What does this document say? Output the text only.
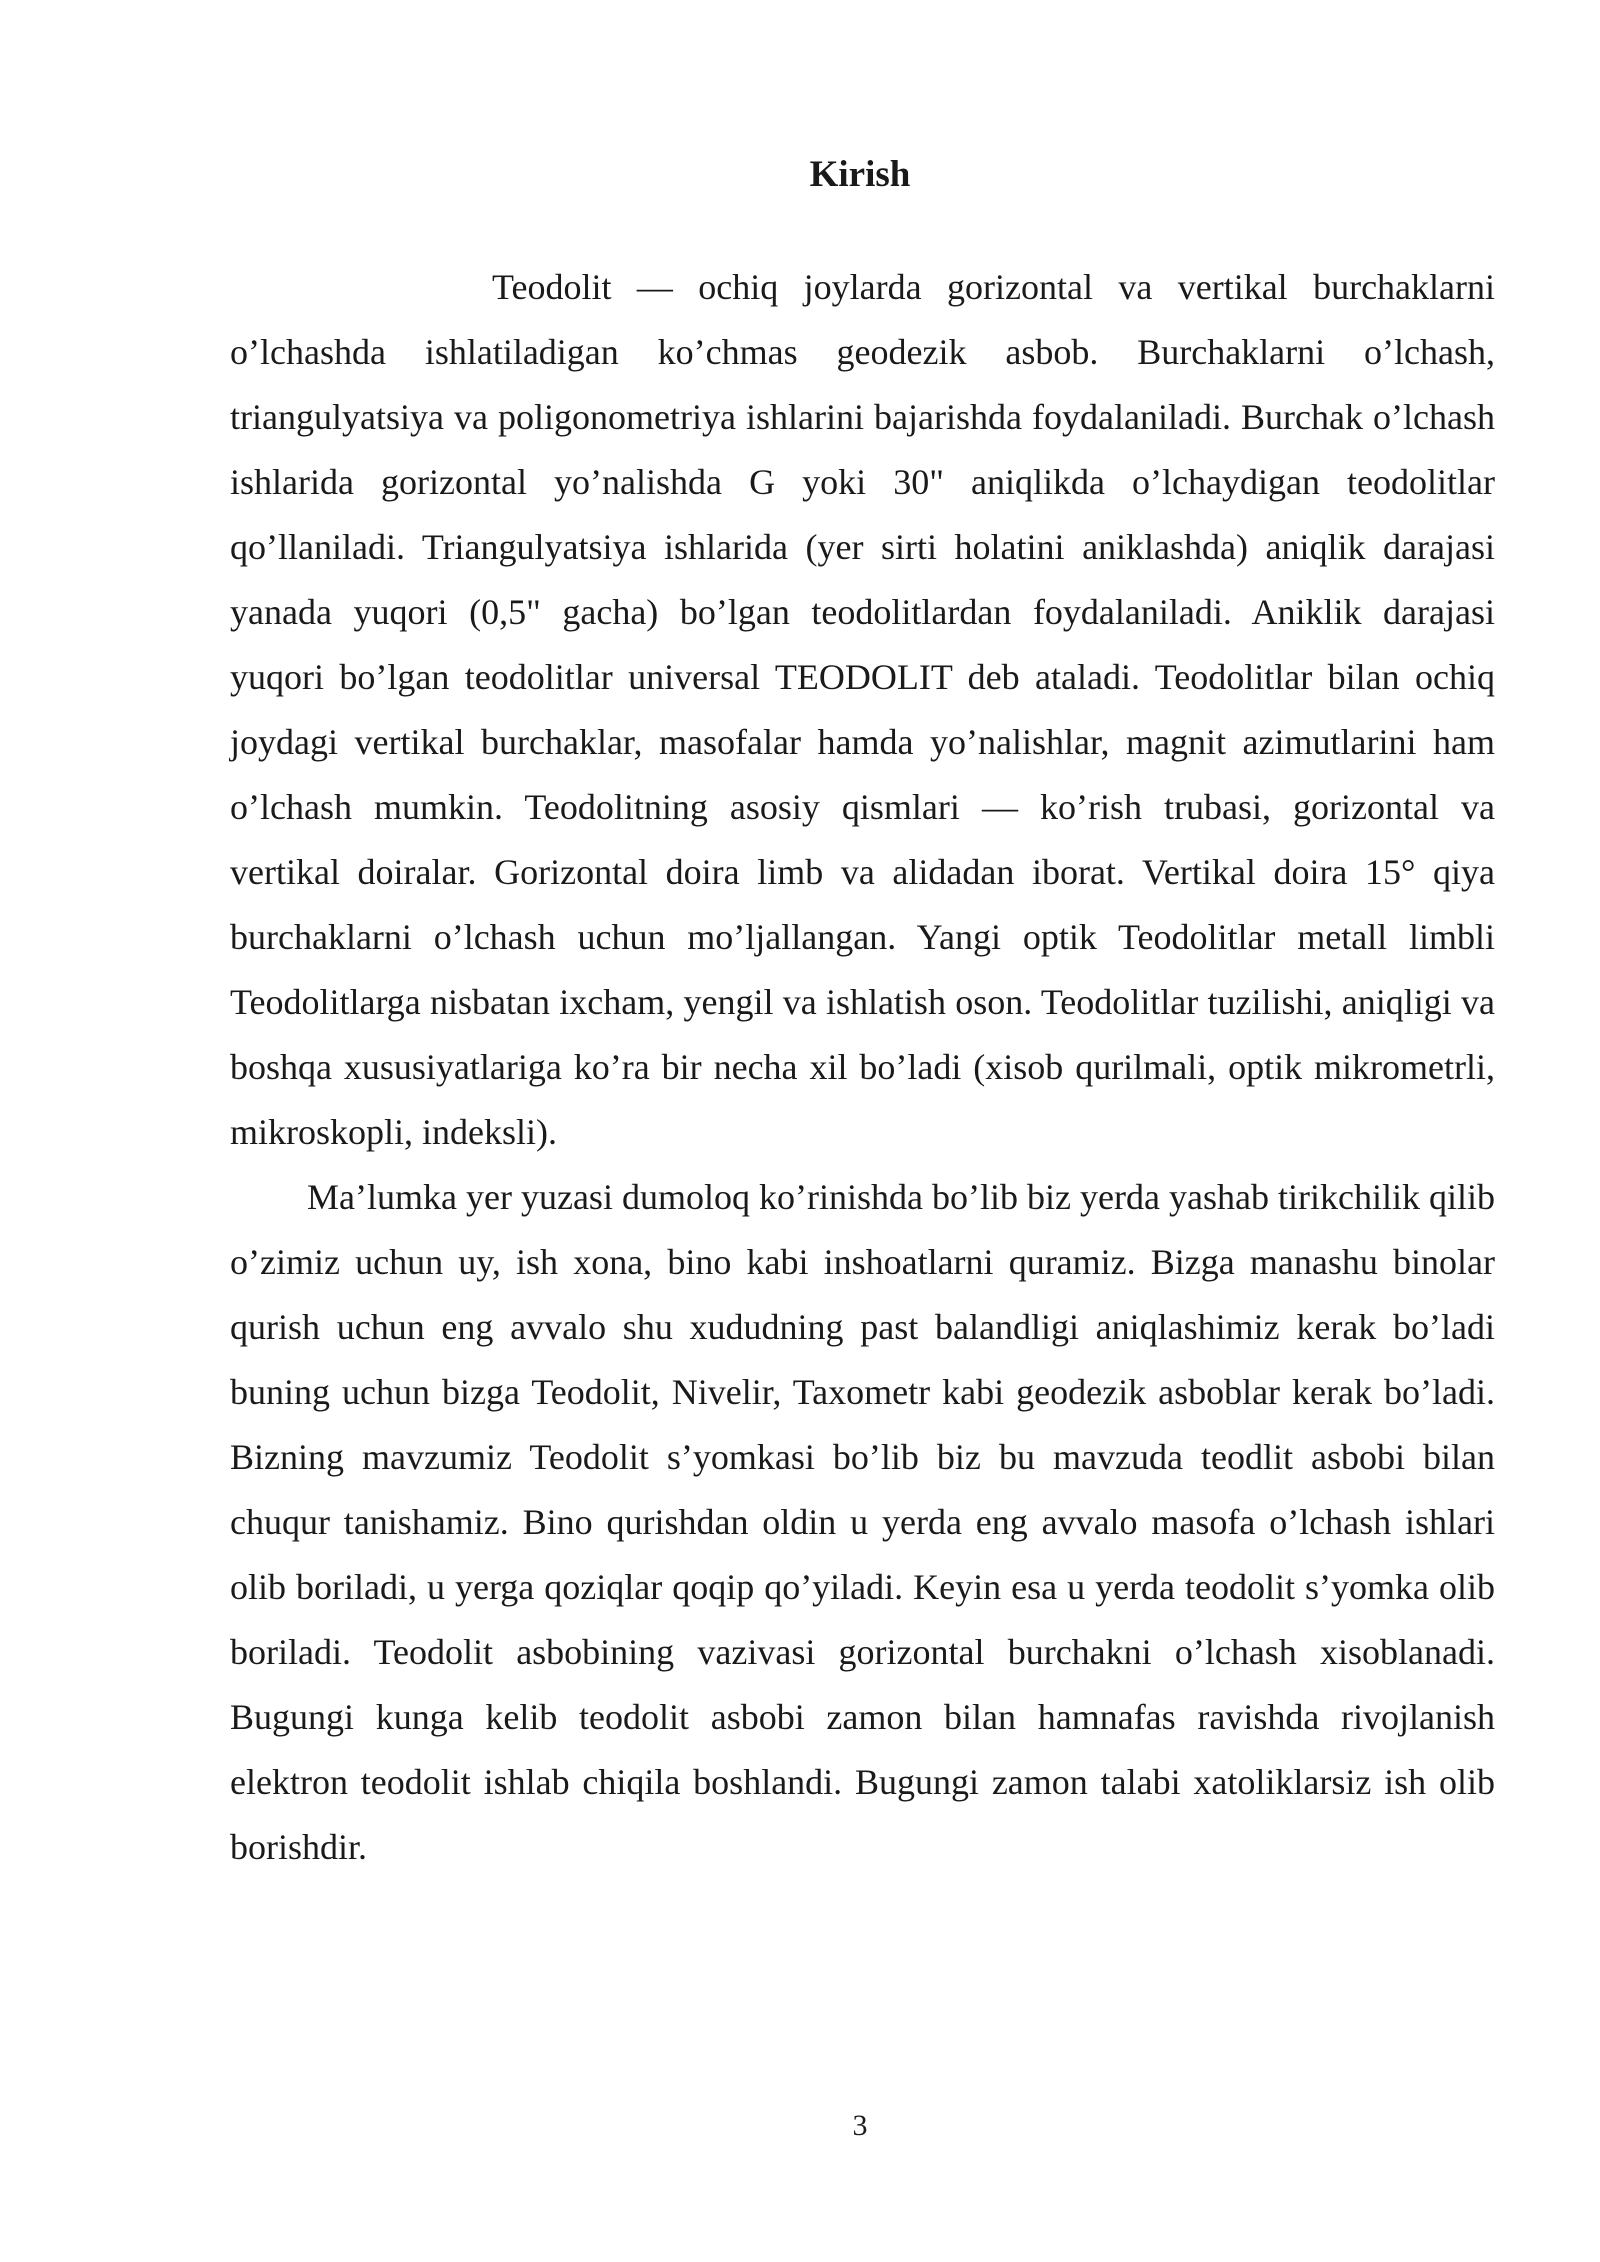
Kirish

Teodolit — ochiq joylarda gorizontal va vertikal burchaklarni o’lchashda ishlatiladigan ko’chmas geodezik asbob. Burchaklarni o’lchash, triangulyatsiya va poligonometriya ishlarini bajarishda foydalaniladi. Burchak o’lchash ishlarida gorizontal yo’nalishda G yoki 30" aniqlikda o’lchaydigan teodolitlar qo’llaniladi. Triangulyatsiya ishlarida (yer sirti holatini aniklashda) aniqlik darajasi yanada yuqori (0,5" gacha) bo’lgan teodolitlardan foydalaniladi. Aniklik darajasi yuqori bo’lgan teodolitlar universal TEODOLIT deb ataladi. Teodolitlar bilan ochiq joydagi vertikal burchaklar, masofalar hamda yo’nalishlar, magnit azimutlarini ham o’lchash mumkin. Teodolitning asosiy qismlari — ko’rish trubasi, gorizontal va vertikal doiralar. Gorizontal doira limb va alidadan iborat. Vertikal doira 15° qiya burchaklarni o’lchash uchun mo’ljallangan. Yangi optik Teodolitlar metall limbli Teodolitlarga nisbatan ixcham, yengil va ishlatish oson. Teodolitlar tuzilishi, aniqligi va boshqa xususiyatlariga ko’ra bir necha xil bo’ladi (xisob qurilmali, optik mikrometrli, mikroskopli, indeksli).

Ma’lumka yer yuzasi dumoloq ko’rinishda bo’lib biz yerda yashab tirikchilik qilib o’zimiz uchun uy, ish xona, bino kabi inshoatlarni quramiz. Bizga manashu binolar qurish uchun eng avvalo shu xududning past balandligi aniqlashimiz kerak bo’ladi buning uchun bizga Teodolit, Nivelir, Taxometr kabi geodezik asboblar kerak bo’ladi. Bizning mavzumiz Teodolit s’yomkasi bo’lib biz bu mavzuda teodlit asbobi bilan chuqur tanishamiz. Bino qurishdan oldin u yerda eng avvalo masofa o’lchash ishlari olib boriladi, u yerga qoziqlar qoqip qo’yiladi. Keyin esa u yerda teodolit s’yomka olib boriladi. Teodolit asbobining vazivasi gorizontal burchakni o’lchash xisoblanadi. Bugungi kunga kelib teodolit asbobi zamon bilan hamnafas ravishda rivojlanish elektron teodolit ishlab chiqila boshlandi. Bugungi zamon talabi xatoliklarsiz ish olib borishdir.

3
